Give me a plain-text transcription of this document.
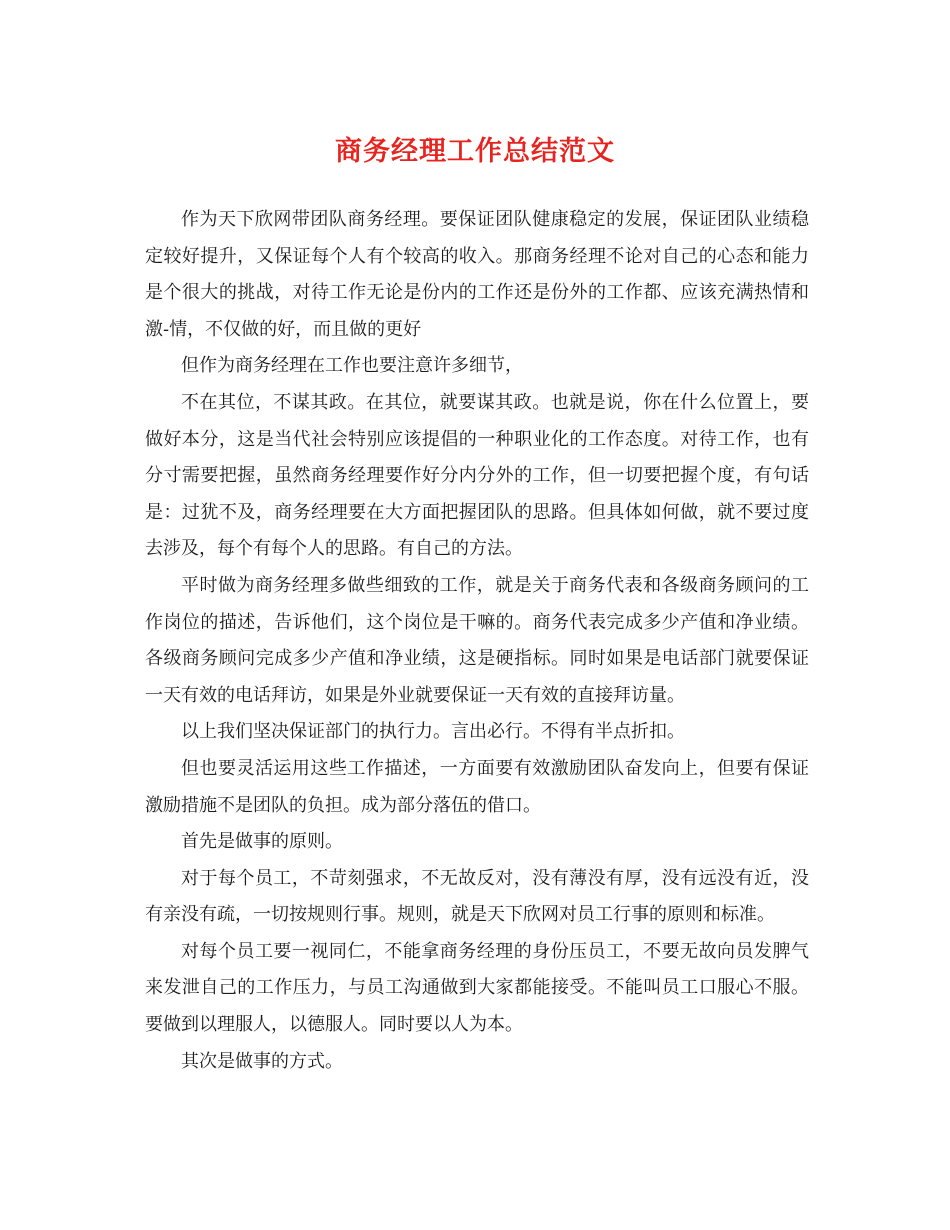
商务经理工作总结范文

作为天下欣网带团队商务经理。要保证团队健康稳定的发展，保证团队业绩稳定较好提升，又保证每个人有个较高的收入。那商务经理不论对自己的心态和能力是个很大的挑战，对待工作无论是份内的工作还是份外的工作都、应该充满热情和激-情，不仅做的好，而且做的更好

但作为商务经理在工作也要注意许多细节，

不在其位，不谋其政。在其位，就要谋其政。也就是说，你在什么位置上，要做好本分，这是当代社会特别应该提倡的一种职业化的工作态度。对待工作，也有分寸需要把握，虽然商务经理要作好分内分外的工作，但一切要把握个度，有句话是：过犹不及，商务经理要在大方面把握团队的思路。但具体如何做，就不要过度去涉及，每个有每个人的思路。有自己的方法。

平时做为商务经理多做些细致的工作，就是关于商务代表和各级商务顾问的工作岗位的描述，告诉他们，这个岗位是干嘛的。商务代表完成多少产值和净业绩。各级商务顾问完成多少产值和净业绩，这是硬指标。同时如果是电话部门就要保证一天有效的电话拜访，如果是外业就要保证一天有效的直接拜访量。

以上我们坚决保证部门的执行力。言出必行。不得有半点折扣。

但也要灵活运用这些工作描述，一方面要有效激励团队奋发向上，但要有保证激励措施不是团队的负担。成为部分落伍的借口。

首先是做事的原则。

对于每个员工，不苛刻强求，不无故反对，没有薄没有厚，没有远没有近，没有亲没有疏，一切按规则行事。规则，就是天下欣网对员工行事的原则和标准。

对每个员工要一视同仁，不能拿商务经理的身份压员工，不要无故向员发脾气来发泄自己的工作压力，与员工沟通做到大家都能接受。不能叫员工口服心不服。要做到以理服人，以德服人。同时要以人为本。

其次是做事的方式。
